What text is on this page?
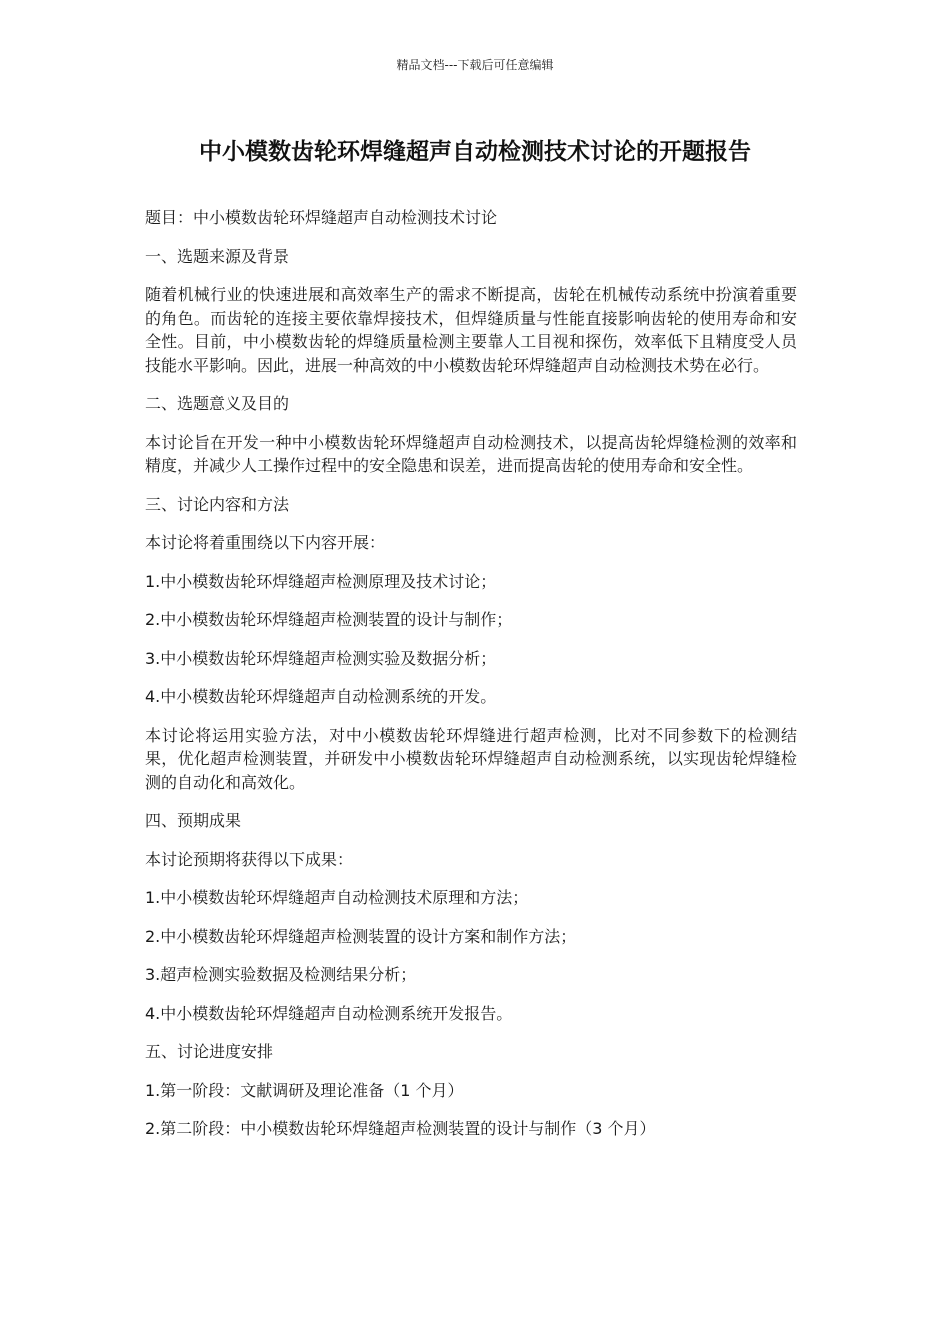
精品文档---下载后可任意编辑
中小模数齿轮环焊缝超声自动检测技术讨论的开题报告

题目：中小模数齿轮环焊缝超声自动检测技术讨论

一、选题来源及背景

随着机械行业的快速进展和高效率生产的需求不断提高，齿轮在机械传动系统中扮演着重要的角色。而齿轮的连接主要依靠焊接技术，但焊缝质量与性能直接影响齿轮的使用寿命和安全性。目前，中小模数齿轮的焊缝质量检测主要靠人工目视和探伤，效率低下且精度受人员技能水平影响。因此，进展一种高效的中小模数齿轮环焊缝超声自动检测技术势在必行。

二、选题意义及目的

本讨论旨在开发一种中小模数齿轮环焊缝超声自动检测技术，以提高齿轮焊缝检测的效率和精度，并减少人工操作过程中的安全隐患和误差，进而提高齿轮的使用寿命和安全性。

三、讨论内容和方法

本讨论将着重围绕以下内容开展：

1.中小模数齿轮环焊缝超声检测原理及技术讨论；

2.中小模数齿轮环焊缝超声检测装置的设计与制作；

3.中小模数齿轮环焊缝超声检测实验及数据分析；

4.中小模数齿轮环焊缝超声自动检测系统的开发。

本讨论将运用实验方法，对中小模数齿轮环焊缝进行超声检测，比对不同参数下的检测结果，优化超声检测装置，并研发中小模数齿轮环焊缝超声自动检测系统，以实现齿轮焊缝检测的自动化和高效化。

四、预期成果

本讨论预期将获得以下成果：

1.中小模数齿轮环焊缝超声自动检测技术原理和方法；

2.中小模数齿轮环焊缝超声检测装置的设计方案和制作方法；

3.超声检测实验数据及检测结果分析；

4.中小模数齿轮环焊缝超声自动检测系统开发报告。

五、讨论进度安排

1.第一阶段：文献调研及理论准备（1 个月）

2.第二阶段：中小模数齿轮环焊缝超声检测装置的设计与制作（3 个月）
